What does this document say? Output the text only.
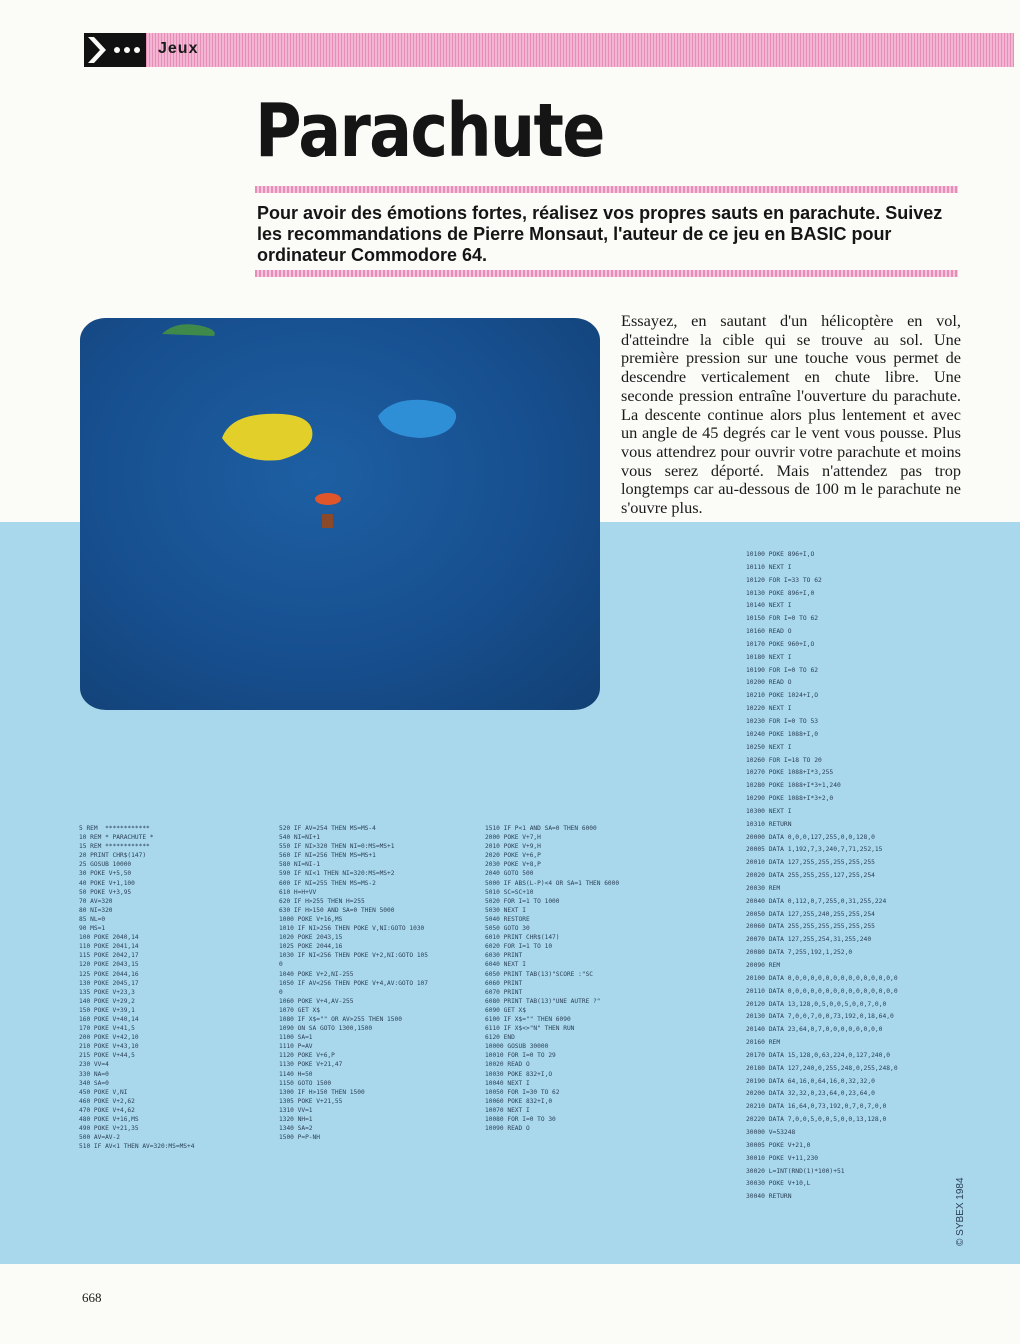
Jeux
Parachute
Pour avoir des émotions fortes, réalisez vos propres sauts en parachute. Suivez les recommandations de Pierre Monsaut, l'auteur de ce jeu en BASIC pour ordinateur Commodore 64.
Essayez, en sautant d'un hélicoptère en vol, d'atteindre la cible qui se trouve au sol. Une première pression sur une touche vous permet de descendre verticalement en chute libre. Une seconde pression entraîne l'ouverture du parachute. La descente continue alors plus lentement et avec un angle de 45 degrés car le vent vous pousse. Plus vous attendrez pour ouvrir votre parachute et moins vous serez déporté. Mais n'attendez pas trop longtemps car au-dessous de 100 m le parachute ne s'ouvre plus.
5 REM  ************
10 REM * PARACHUTE *
15 REM ************
20 PRINT CHR$(147)
25 GOSUB 10000
30 POKE V+5,50
40 POKE V+1,100
50 POKE V+3,95
70 AV=320
80 NI=320
85 NL=0
90 MS=1
100 POKE 2040,14
110 POKE 2041,14
115 POKE 2042,17
120 POKE 2043,15
125 POKE 2044,16
130 POKE 2045,17
135 POKE V+23,3
140 POKE V+29,2
150 POKE V+39,1
160 POKE V+40,14
170 POKE V+41,5
200 POKE V+42,10
210 POKE V+43,10
215 POKE V+44,5
230 VV=4
330 NA=0
340 SA=0
450 POKE V,NI
460 POKE V+2,62
470 POKE V+4,62
480 POKE V+16,MS
490 POKE V+21,35
500 AV=AV-2
510 IF AV<1 THEN AV=320:MS=MS+4
520 IF AV=254 THEN MS=MS-4
540 NI=NI+1
550 IF NI>320 THEN NI=0:MS=MS+1
560 IF NI=256 THEN MS=MS+1
580 NI=NI-1
590 IF NI<1 THEN NI=320:MS=MS+2
600 IF NI=255 THEN MS=MS-2
610 H=H+VV
620 IF H>255 THEN H=255
630 IF H>150 AND SA=0 THEN 5000
1000 POKE V+16,MS
1010 IF NI>256 THEN POKE V,NI:GOTO 1030
1020 POKE 2043,15
1025 POKE 2044,16
1030 IF NI<256 THEN POKE V+2,NI:GOTO 105
0
1040 POKE V+2,NI-255
1050 IF AV<256 THEN POKE V+4,AV:GOTO 107
0
1060 POKE V+4,AV-255
1070 GET X$
1080 IF X$="" OR AV>255 THEN 1500
1090 ON SA GOTO 1300,1500
1100 SA=1
1110 P=AV
1120 POKE V+6,P
1130 POKE V+21,47
1140 H=50
1150 GOTO 1500
1300 IF H>150 THEN 1500
1305 POKE V+21,55
1310 VV=1
1320 NH=1
1340 SA=2
1500 P=P-NH
1510 IF P<1 AND SA=0 THEN 6000
2000 POKE V+7,H
2010 POKE V+9,H
2020 POKE V+6,P
2030 POKE V+8,P
2040 GOTO 500
5000 IF ABS(L-P)<4 OR SA=1 THEN 6000
5010 SC=SC+10
5020 FOR I=1 TO 1000
5030 NEXT I
5040 RESTORE
5050 GOTO 30
6010 PRINT CHR$(147)
6020 FOR I=1 TO 10
6030 PRINT
6040 NEXT I
6050 PRINT TAB(13)"SCORE :"SC
6060 PRINT
6070 PRINT
6080 PRINT TAB(13)"UNE AUTRE ?"
6090 GET X$
6100 IF X$="" THEN 6090
6110 IF X$<>"N" THEN RUN
6120 END
10000 GOSUB 30000
10010 FOR I=0 TO 29
10020 READ O
10030 POKE 832+I,O
10040 NEXT I
10050 FOR I=30 TO 62
10060 POKE 832+I,0
10070 NEXT I
10080 FOR I=0 TO 30
10090 READ O
10100 POKE 896+I,O
10110 NEXT I
10120 FOR I=33 TO 62
10130 POKE 896+I,0
10140 NEXT I
10150 FOR I=0 TO 62
10160 READ O
10170 POKE 960+I,O
10180 NEXT I
10190 FOR I=0 TO 62
10200 READ O
10210 POKE 1024+I,O
10220 NEXT I
10230 FOR I=0 TO 53
10240 POKE 1088+I,0
10250 NEXT I
10260 FOR I=18 TO 20
10270 POKE 1088+I*3,255
10280 POKE 1088+I*3+1,240
10290 POKE 1088+I*3+2,0
10300 NEXT I
10310 RETURN
20000 DATA 0,0,0,127,255,0,0,128,0
20005 DATA 1,192,7,3,240,7,71,252,15
20010 DATA 127,255,255,255,255,255
20020 DATA 255,255,255,127,255,254
20030 REM
20040 DATA 0,112,0,7,255,0,31,255,224
20050 DATA 127,255,240,255,255,254
20060 DATA 255,255,255,255,255,255
20070 DATA 127,255,254,31,255,240
20080 DATA 7,255,192,1,252,0
20090 REM
20100 DATA 0,0,0,0,0,0,0,0,0,0,0,0,0,0,0
20110 DATA 0,0,0,0,0,0,0,0,0,0,0,0,0,0,0
20120 DATA 13,128,0,5,0,0,5,0,0,7,0,0
20130 DATA 7,0,0,7,0,0,73,192,0,18,64,0
20140 DATA 23,64,0,7,0,0,0,0,0,0,0,0
20160 REM
20170 DATA 15,128,0,63,224,0,127,240,0
20180 DATA 127,240,0,255,248,0,255,248,0
20190 DATA 64,16,0,64,16,0,32,32,0
20200 DATA 32,32,0,23,64,0,23,64,0
20210 DATA 16,64,0,73,192,0,7,0,7,0,0
20220 DATA 7,0,0,5,0,0,5,0,0,13,128,0
30000 V=53248
30005 POKE V+21,0
30010 POKE V+11,230
30020 L=INT(RND(1)*100)+51
30030 POKE V+10,L
30040 RETURN	© SYBEX 1984
668
